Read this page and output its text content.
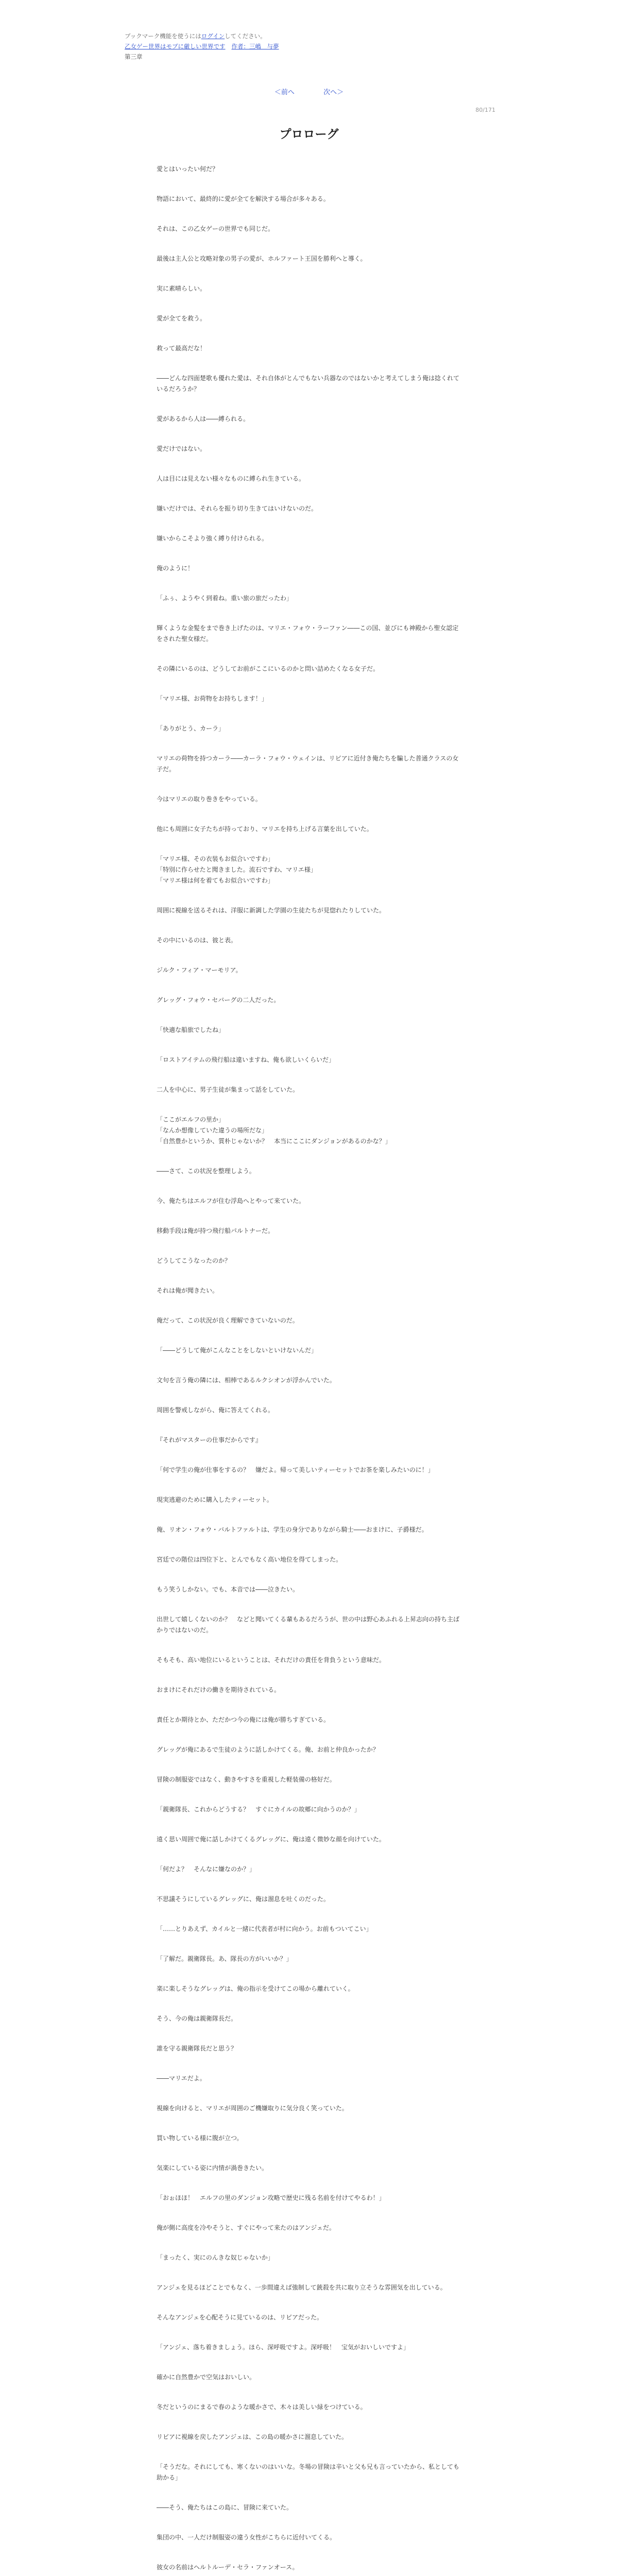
ブックマーク機能を使うにはログインしてください。
乙女ゲー世界はモブに厳しい世界です 作者：三嶋　与夢
第三章
＜前へ	次へ＞
80/171
プロローグ

愛とはいったい何だ？

物語において、最終的に愛が全てを解決する場合が多々ある。

それは、この乙女ゲーの世界でも同じだ。

最後は主人公と攻略対象の男子の愛が、ホルファート王国を勝利へと導く。

実に素晴らしい。

愛が全てを救う。

救って最高だな！

――どんな四面楚歌も優れた愛は、それ自体がとんでもない兵器なのではないかと考えてしまう俺は捻くれているだろうか？

愛があるから人は――縛られる。

愛だけではない。

人は目には見えない様々なものに縛られ生きている。

嫌いだけでは、それらを振り切り生きてはいけないのだ。

嫌いからこそより強く縛り付けられる。

俺のように！

「ふぅ、ようやく到着ね。重い旅の旅だったわ」

輝くような金髪をまで巻き上げたのは、マリエ・フォウ・ラーファン――この国、並びにも神殿から聖女認定をされた聖女様だ。

その隣にいるのは、どうしてお前がここにいるのかと問い詰めたくなる女子だ。

「マリエ様、お荷物をお持ちします！」

「ありがとう、カーラ」

マリエの荷物を持つカーラ――カーラ・フォウ・ウェインは、リビアに近付き俺たちを騙した普通クラスの女子だ。

今はマリエの取り巻きをやっている。

他にも周囲に女子たちが持っており、マリエを持ち上げる言葉を出していた。

「マリエ様、その衣装もお似合いですわ」
「特別に作らせたと聞きました。流石ですわ、マリエ様」
「マリエ様は何を着てもお似合いですわ」

周囲に視線を送るそれは、洋服に新調した学園の生徒たちが見惚れたりしていた。

その中にいるのは、彼と表。

ジルク・フィア・マーモリア。

グレッグ・フォウ・セバーグの二人だった。

「快適な船旅でしたね」

「ロストアイテムの飛行船は違いますね、俺も欲しいくらいだ」

二人を中心に、男子生徒が集まって話をしていた。

「ここがエルフの里か」
「なんか想像していた違うの場所だな」
「自然豊かというか、質朴じゃないか？　本当にここにダンジョンがあるのかな？」

――さて、この状況を整理しよう。

今、俺たちはエルフが住む浮島へとやって来ていた。

移動手段は俺が持つ飛行船パルトナーだ。

どうしてこうなったのか？

それは俺が聞きたい。

俺だって、この状況が良く理解できていないのだ。

「――どうして俺がこんなことをしないといけないんだ」

文句を言う俺の隣には、相棒であるルクシオンが浮かんでいた。

周囲を警戒しながら、俺に答えてくれる。

『それがマスターの仕事だからです』

「何で学生の俺が仕事をするの？　嫌だよ。帰って美しいティーセットでお茶を楽しみたいのに！」

現実逃避のために購入したティーセット。

俺、リオン・フォウ・バルトファルトは、学生の身分でありながら騎士――おまけに、子爵様だ。

宮廷での階位は四位下と、とんでもなく高い地位を得てしまった。

もう笑うしかない。でも、本音では――泣きたい。

出世して嬉しくないのか？　などと聞いてくる輩もあるだろうが、世の中は野心あふれる上昇志向の持ち主ばかりではないのだ。

そもそも、高い地位にいるということは、それだけの責任を背負うという意味だ。

おまけにそれだけの働きを期待されている。

責任とか期待とか、ただかつ今の俺には俺が勝ちすぎている。

グレッグが俺にあるで生徒のように話しかけてくる。俺、お前と仲良かったか？

冒険の制服姿ではなく、動きやすさを重視した軽装備の格好だ。

「親衛隊長、これからどうする？　すぐにカイルの故郷に向かうのか？」

遠く思い周囲で俺に話しかけてくるグレッグに、俺は遠く微妙な顔を向けていた。

「何だよ？　そんなに嫌なのか？」

不思議そうにしているグレッグに、俺は溜息を吐くのだった。

「……とりあえず、カイルと一緒に代表者が村に向かう。お前もついてこい」

「了解だ。親衛隊長。あ、隊長の方がいいか？」

楽に楽しそうなグレッグは、俺の指示を受けてこの場から離れていく。

そう、今の俺は親衛隊長だ。

誰を守る親衛隊長だと思う？

――マリエだよ。

視線を向けると、マリエが周囲のご機嫌取りに気分良く笑っていた。

買い物している様に腹が立つ。

気楽にしている姿に内情が渦巻きたい。

「おぉほほ！　エルフの里のダンジョン攻略で歴史に残る名前を付けてやるわ！」

俺が側に高度を冷やそうと、すぐにやって来たのはアンジェだ。

「まったく、実にのんきな奴じゃないか」

アンジェを見るほどことでもなく、一歩間違えば強制して銃殺を共に取り立そうな雰囲気を出している。

そんなアンジェを心配そうに見ているのは、リビアだった。

「アンジェ、落ち着きましょう。ほら、深呼吸ですよ。深呼吸！　宝気がおいしいですよ」

確かに自然豊かで空気はおいしい。

冬だというのにまるで春のような暖かさで、木々は美しい緑をつけている。

リビアに視線を戻したアンジェは、この島の暖かさに溜息していた。

「そうだな。それにしても、寒くないのはいいな。冬場の冒険は辛いと父も兄も言っていたから、私としても助かる」

――そう、俺たちはこの島に、冒険に来ていた。

集団の中、一人だけ制服姿の違う女性がこちらに近付いてくる。

彼女の名前はヘルトルーデ・セラ・ファンオース。
